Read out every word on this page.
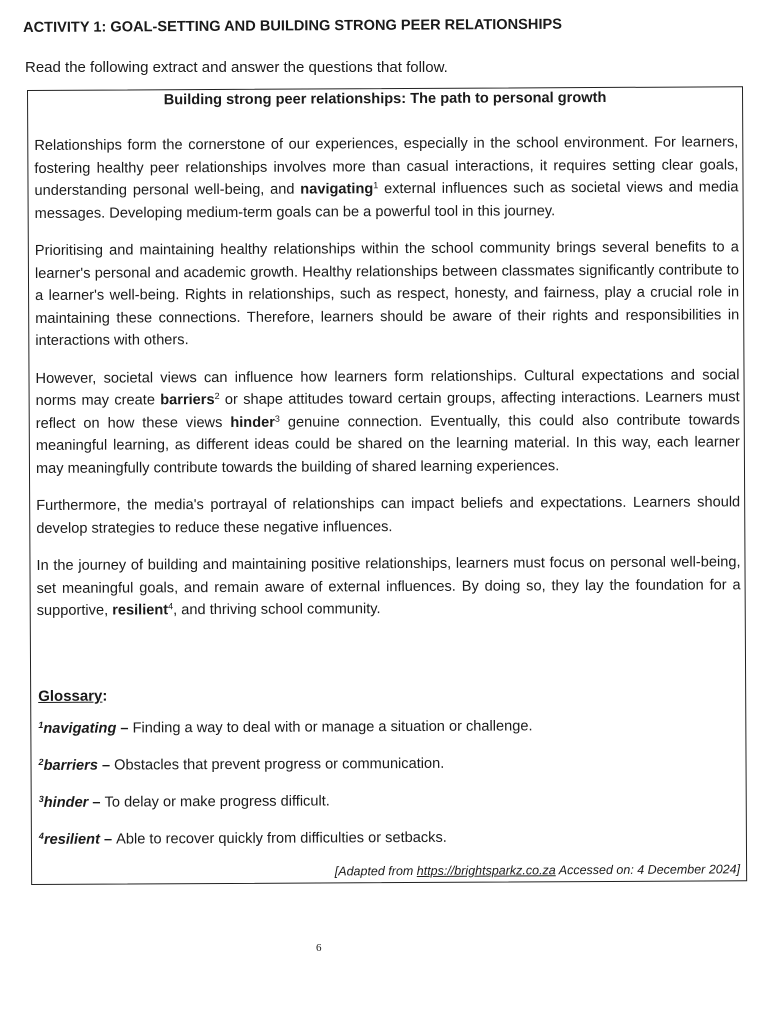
ACTIVITY 1: GOAL-SETTING AND BUILDING STRONG PEER RELATIONSHIPS

Read the following extract and answer the questions that follow.

Building strong peer relationships: The path to personal growth

Relationships form the cornerstone of our experiences, especially in the school environment. For learners, fostering healthy peer relationships involves more than casual interactions, it requires setting clear goals, understanding personal well-being, and navigating$^1$ external influences such as societal views and media messages. Developing medium-term goals can be a powerful tool in this journey.

Prioritising and maintaining healthy relationships within the school community brings several benefits to a learner's personal and academic growth. Healthy relationships between classmates significantly contribute to a learner's well-being. Rights in relationships, such as respect, honesty, and fairness, play a crucial role in maintaining these connections. Therefore, learners should be aware of their rights and responsibilities in interactions with others.

However, societal views can influence how learners form relationships. Cultural expectations and social norms may create barriers$^2$ or shape attitudes toward certain groups, affecting interactions. Learners must reflect on how these views hinder$^3$ genuine connection. Eventually, this could also contribute towards meaningful learning, as different ideas could be shared on the learning material. In this way, each learner may meaningfully contribute towards the building of shared learning experiences.

Furthermore, the media's portrayal of relationships can impact beliefs and expectations. Learners should develop strategies to reduce these negative influences.

In the journey of building and maintaining positive relationships, learners must focus on personal well-being, set meaningful goals, and remain aware of external influences. By doing so, they lay the foundation for a supportive, resilient$^4$, and thriving school community.

Glossary:

$^1$navigating – Finding a way to deal with or manage a situation or challenge.

$^2$barriers – Obstacles that prevent progress or communication.

$^3$hinder – To delay or make progress difficult.

$^4$resilient – Able to recover quickly from difficulties or setbacks.

[Adapted from https://brightsparkz.co.za Accessed on: 4 December 2024]

6
